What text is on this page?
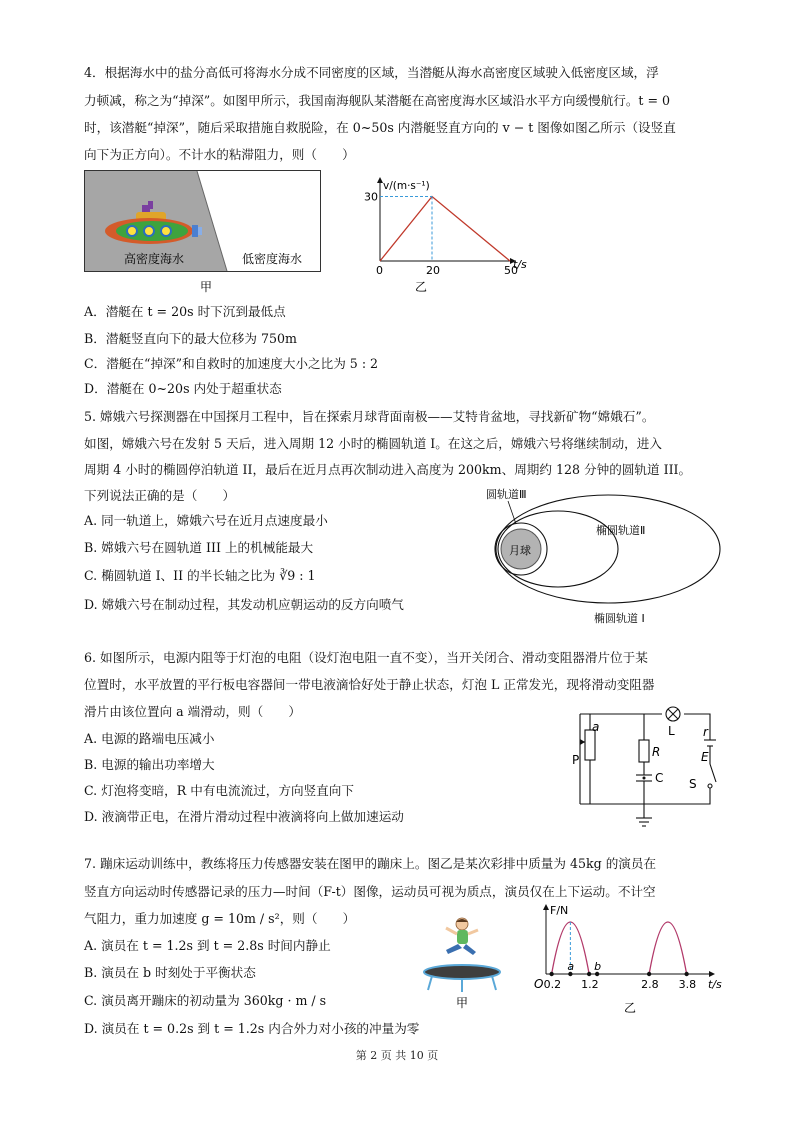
4．根据海水中的盐分高低可将海水分成不同密度的区域，当潜艇从海水高密度区域驶入低密度区域，浮
力顿减，称之为“掉深”。如图甲所示，我国南海舰队某潜艇在高密度海水区域沿水平方向缓慢航行。t = 0
时，该潜艇“掉深”，随后采取措施自救脱险，在 0~50s 内潜艇竖直方向的 v − t 图像如图乙所示（设竖直
向下为正方向）。不计水的粘滞阻力，则（　　）
高密度海水	低密度海水
甲
v/(m·s⁻¹)
t/s
0	20	50
30
乙
A．潜艇在 t = 20s 时下沉到最低点
B．潜艇竖直向下的最大位移为 750m
C．潜艇在“掉深”和自救时的加速度大小之比为 5 : 2
D．潜艇在 0~20s 内处于超重状态
5. 嫦娥六号探测器在中国探月工程中，旨在探索月球背面南极——艾特肯盆地，寻找新矿物“嫦娥石”。
如图，嫦娥六号在发射 5 天后，进入周期 12 小时的椭圆轨道 I。在这之后，嫦娥六号将继续制动，进入
周期 4 小时的椭圆停泊轨道 II，最后在近月点再次制动进入高度为 200km、周期约 128 分钟的圆轨道 III。
下列说法正确的是（　　）
A. 同一轨道上，嫦娥六号在近月点速度最小
B. 嫦娥六号在圆轨道 III 上的机械能最大
C. 椭圆轨道 I、II 的半长轴之比为 ∛9 : 1
D. 嫦娥六号在制动过程，其发动机应朝运动的反方向喷气
月球
圆轨道Ⅲ
椭圆轨道Ⅱ
椭圆轨道 I
6. 如图所示，电源内阻等于灯泡的电阻（设灯泡电阻一直不变），当开关闭合、滑动变阻器滑片位于某
位置时，水平放置的平行板电容器间一带电液滴恰好处于静止状态，灯泡 L 正常发光，现将滑动变阻器
滑片由该位置向 a 端滑动，则（　　）
A. 电源的路端电压减小
B. 电源的输出功率增大
C. 灯泡将变暗，R 中有电流流过，方向竖直向下
D. 液滴带正电，在滑片滑动过程中液滴将向上做加速运动
a
P
R
C
L r
E
S
7. 蹦床运动训练中，教练将压力传感器安装在图甲的蹦床上。图乙是某次彩排中质量为 45kg 的演员在
竖直方向运动时传感器记录的压力—时间（F-t）图像，运动员可视为质点，演员仅在上下运动。不计空
气阻力，重力加速度 g = 10m / s²，则（　　）
A. 演员在 t = 1.2s 到 t = 2.8s 时间内静止
B. 演员在 b 时刻处于平衡状态
C. 演员离开蹦床的初动量为 360kg · m / s
D. 演员在 t = 0.2s 到 t = 1.2s 内合外力对小孩的冲量为零
甲
F/N
t/s
O 0.2 1.2	2.8 3.8
a b
乙
第 2 页 共 10 页
